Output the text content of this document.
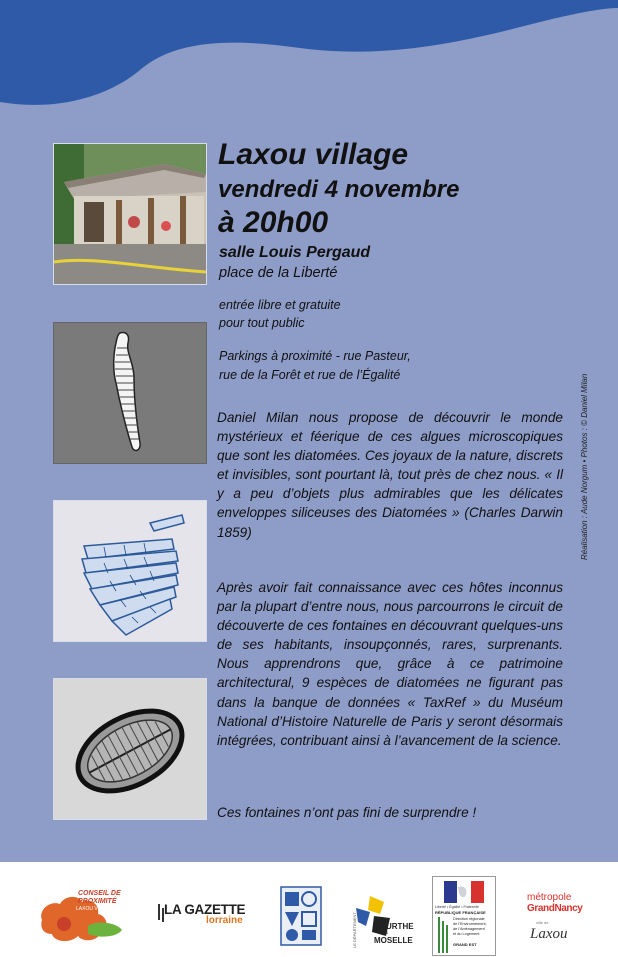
Laxou village
vendredi 4 novembre
à 20h00
salle Louis Pergaud
place de la Liberté
entrée libre et gratuite
pour tout public
Parkings à proximité - rue Pasteur,
rue de la Forêt et rue de l’Égalité

Daniel Milan nous propose de découvrir le monde mystérieux et féerique de ces algues microscopiques que sont les diatomées. Ces joyaux de la nature, discrets et invisibles, sont pourtant là, tout près de chez nous. « Il y a peu d’objets plus admirables que les délicates enveloppes siliceuses des Diatomées » (Charles Darwin 1859)

Après avoir fait connaissance avec ces hôtes inconnus par la plupart d’entre nous, nous parcourrons le circuit de découverte de ces fontaines en découvrant quelques-uns de ses habitants, insoupçonnés, rares, surprenants. Nous apprendrons que, grâce à ce patrimoine architectural, 9 espèces de diatomées ne figurant pas dans la banque de données « TaxRef » du Muséum National d’Histoire Naturelle de Paris y seront désormais intégrées, contribuant ainsi à l’avancement de la science.

Ces fontaines n’ont pas fini de surprendre !

Réalisation : Aude Norgum • Photos : © Daniel Milan
CONSEIL DE
PROXIMITÉ
LAXOU VILLAGE	LA GAZETTE
lorraine	LE DÉPARTEMENT MEURTHE
&
MOSELLE
Liberté • Égalité • Fraternité
RÉPUBLIQUE FRANÇAISE
Direction régionale
de l’Environnement,
de l’Aménagement
et du Logement
GRAND EST
métropole
GrandNancy
ville de
Laxou
